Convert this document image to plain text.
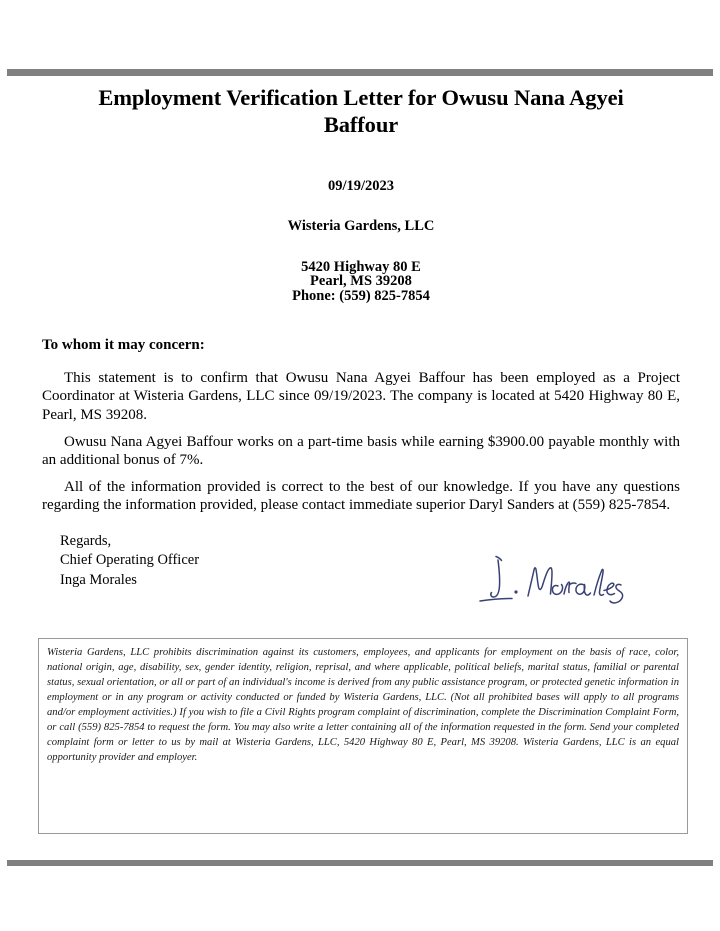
Employment Verification Letter for Owusu Nana Agyei Baffour

09/19/2023

Wisteria Gardens, LLC

5420 Highway 80 E

Pearl, MS 39208

Phone: (559) 825-7854

To whom it may concern:

This statement is to confirm that Owusu Nana Agyei Baffour has been employed as a Project Coordinator at Wisteria Gardens, LLC since 09/19/2023. The company is located at 5420 Highway 80 E, Pearl, MS 39208.

Owusu Nana Agyei Baffour works on a part-time basis while earning $3900.00 payable monthly with an additional bonus of 7%.

All of the information provided is correct to the best of our knowledge. If you have any questions regarding the information provided, please contact immediate superior Daryl Sanders at (559) 825-7854.

Regards,

Chief Operating Officer

Inga Morales

Wisteria Gardens, LLC prohibits discrimination against its customers, employees, and applicants for employment on the basis of race, color, national origin, age, disability, sex, gender identity, religion, reprisal, and where applicable, political beliefs, marital status, familial or parental status, sexual orientation, or all or part of an individual's income is derived from any public assistance program, or protected genetic information in employment or in any program or activity conducted or funded by Wisteria Gardens, LLC. (Not all prohibited bases will apply to all programs and/or employment activities.) If you wish to file a Civil Rights program complaint of discrimination, complete the Discrimination Complaint Form, or call (559) 825-7854 to request the form. You may also write a letter containing all of the information requested in the form. Send your completed complaint form or letter to us by mail at Wisteria Gardens, LLC, 5420 Highway 80 E, Pearl, MS 39208. Wisteria Gardens, LLC is an equal opportunity provider and employer.
